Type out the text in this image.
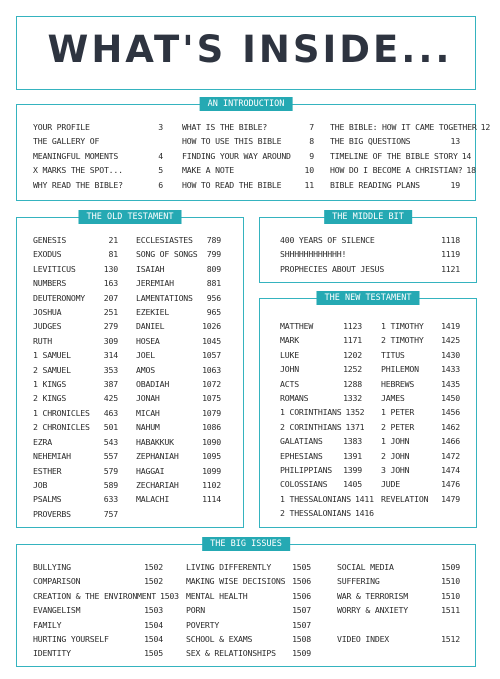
WHAT'S INSIDE...
AN INTRODUCTION
YOUR PROFILE	3
THE GALLERY OF
MEANINGFUL MOMENTS	4
X MARKS THE SPOT...	5
WHY READ THE BIBLE?	6
WHAT IS THE BIBLE?	7
HOW TO USE THIS BIBLE	8
FINDING YOUR WAY AROUND	9
MAKE A NOTE	10
HOW TO READ THE BIBLE	11
THE BIBLE: HOW IT CAME TOGETHER 12
THE BIG QUESTIONS	13
TIMELINE OF THE BIBLE STORY 14
HOW DO I BECOME A CHRISTIAN? 18
BIBLE READING PLANS	19
THE OLD TESTAMENT
GENESIS	21
EXODUS	81
LEVITICUS	130
NUMBERS	163
DEUTERONOMY	207
JOSHUA	251
JUDGES	279
RUTH	309
1 SAMUEL	314
2 SAMUEL	353
1 KINGS	387
2 KINGS	425
1 CHRONICLES	463
2 CHRONICLES	501
EZRA	543
NEHEMIAH	557
ESTHER	579
JOB	589
PSALMS	633
PROVERBS	757
ECCLESIASTES	789
SONG OF SONGS	799
ISAIAH	809
JEREMIAH	881
LAMENTATIONS	956
EZEKIEL	965
DANIEL	1026
HOSEA	1045
JOEL	1057
AMOS	1063
OBADIAH	1072
JONAH	1075
MICAH	1079
NAHUM	1086
HABAKKUK	1090
ZEPHANIAH	1095
HAGGAI	1099
ZECHARIAH	1102
MALACHI	1114
THE MIDDLE BIT
400 YEARS OF SILENCE	1118
SHHHHHHHHHHHH!	1119
PROPHECIES ABOUT JESUS	1121
THE NEW TESTAMENT
MATTHEW	1123
MARK	1171
LUKE	1202
JOHN	1252
ACTS	1288
ROMANS	1332
1 CORINTHIANS 1352
2 CORINTHIANS 1371
GALATIANS	1383
EPHESIANS	1391
PHILIPPIANS	1399
COLOSSIANS	1405
1 THESSALONIANS 1411
2 THESSALONIANS 1416
1 TIMOTHY	1419
2 TIMOTHY	1425
TITUS	1430
PHILEMON	1433
HEBREWS	1435
JAMES	1450
1 PETER	1456
2 PETER	1462
1 JOHN	1466
2 JOHN	1472
3 JOHN	1474
JUDE	1476
REVELATION	1479
THE BIG ISSUES
BULLYING	1502
COMPARISON	1502
CREATION & THE ENVIRONMENT 1503
EVANGELISM	1503
FAMILY	1504
HURTING YOURSELF	1504
IDENTITY	1505
LIVING DIFFERENTLY	1505
MAKING WISE DECISIONS 1506
MENTAL HEALTH	1506
PORN	1507
POVERTY	1507
SCHOOL & EXAMS	1508
SEX & RELATIONSHIPS	1509
SOCIAL MEDIA	1509
SUFFERING	1510
WAR & TERRORISM	1510
WORRY & ANXIETY	1511

VIDEO INDEX	1512
